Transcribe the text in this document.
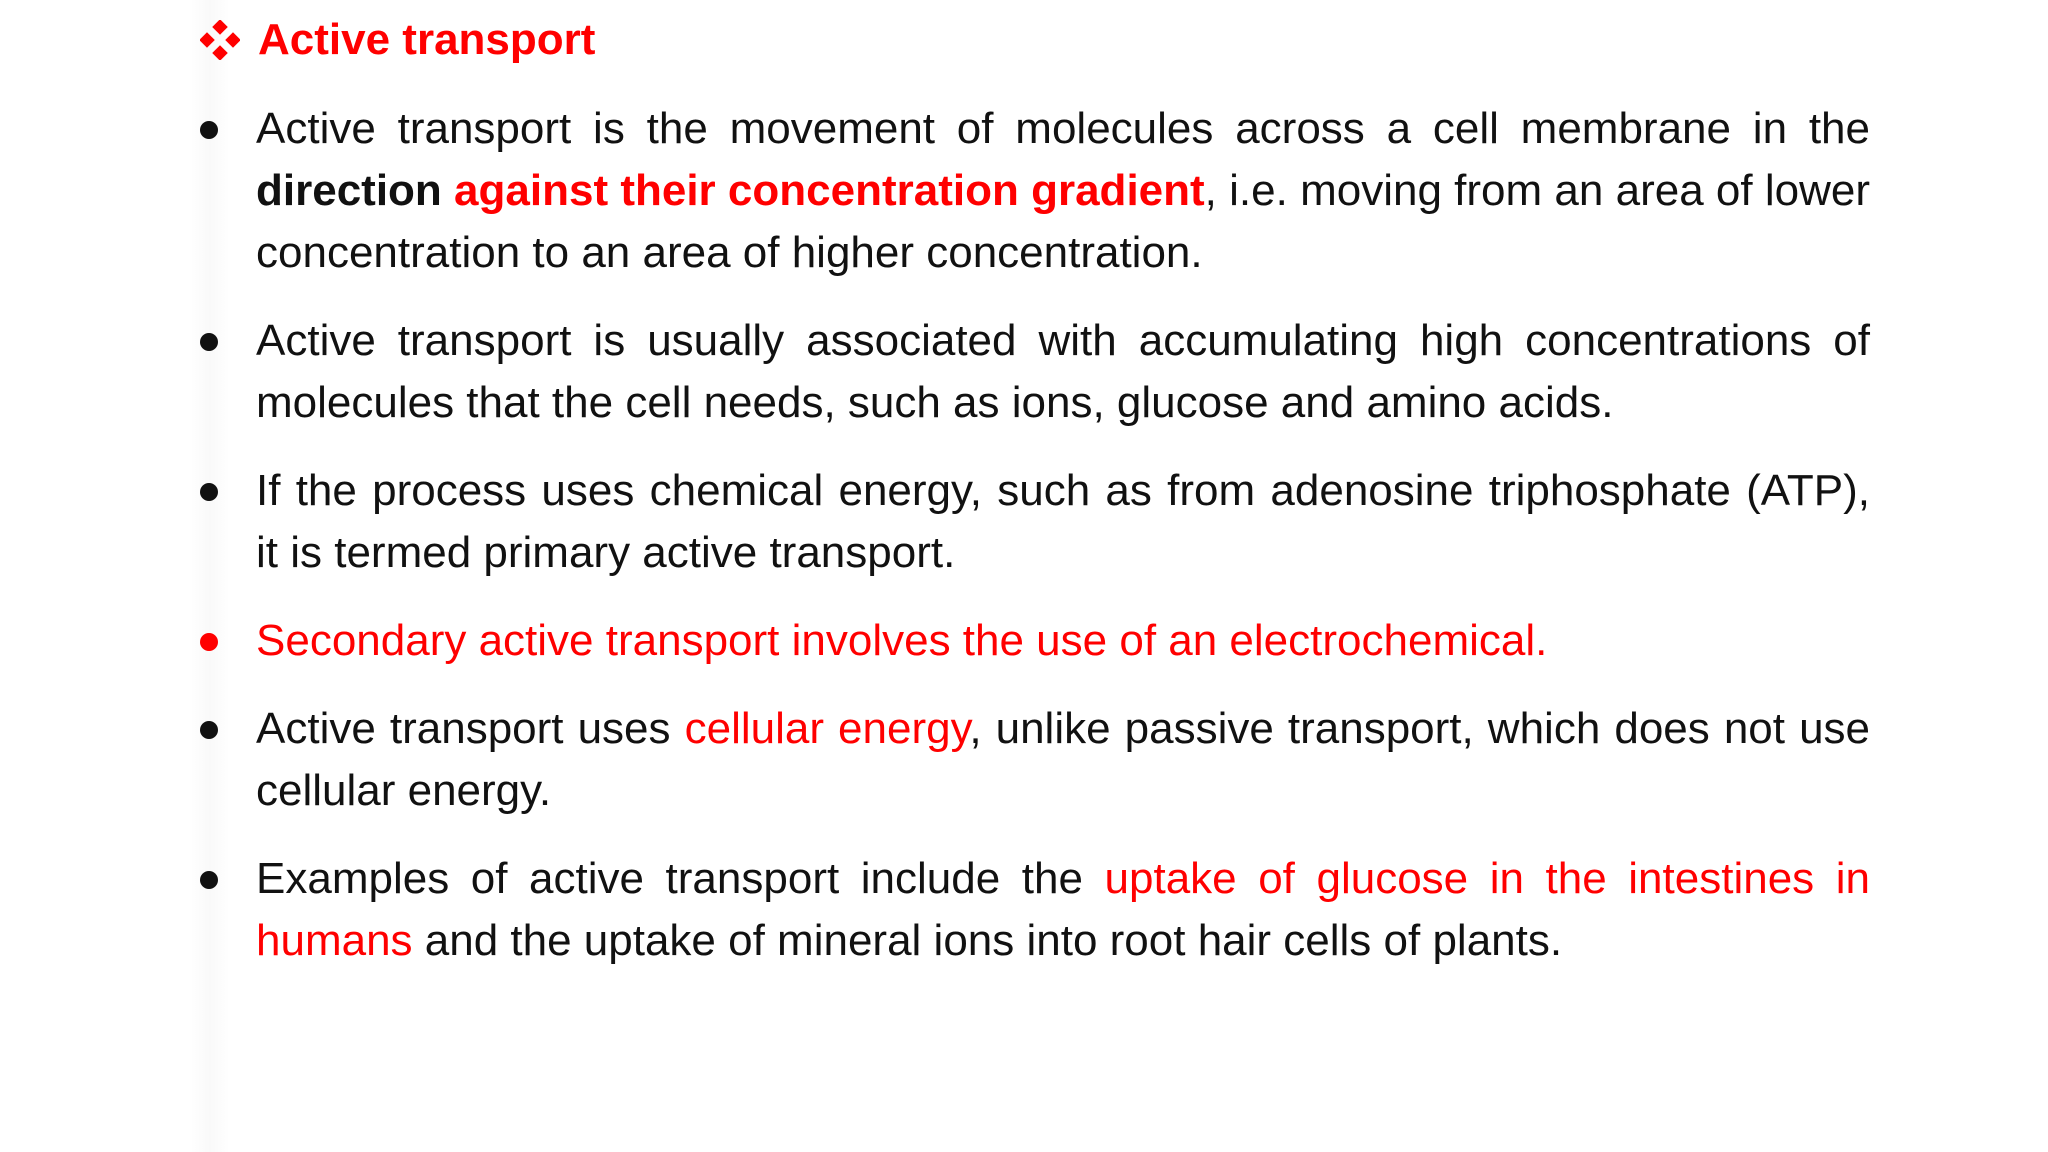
Active transport
Active transport is the movement of molecules across a cell membrane in the direction against their concentration gradient, i.e. moving from an area of lower concentration to an area of higher concentration.
Active transport is usually associated with accumulating high concentrations of molecules that the cell needs, such as ions, glucose and amino acids.
If the process uses chemical energy, such as from adenosine triphosphate (ATP), it is termed primary active transport.
Secondary active transport involves the use of an electrochemical.
Active transport uses cellular energy, unlike passive transport, which does not use cellular energy.
Examples of active transport include the uptake of glucose in the intestines in humans and the uptake of mineral ions into root hair cells of plants.
